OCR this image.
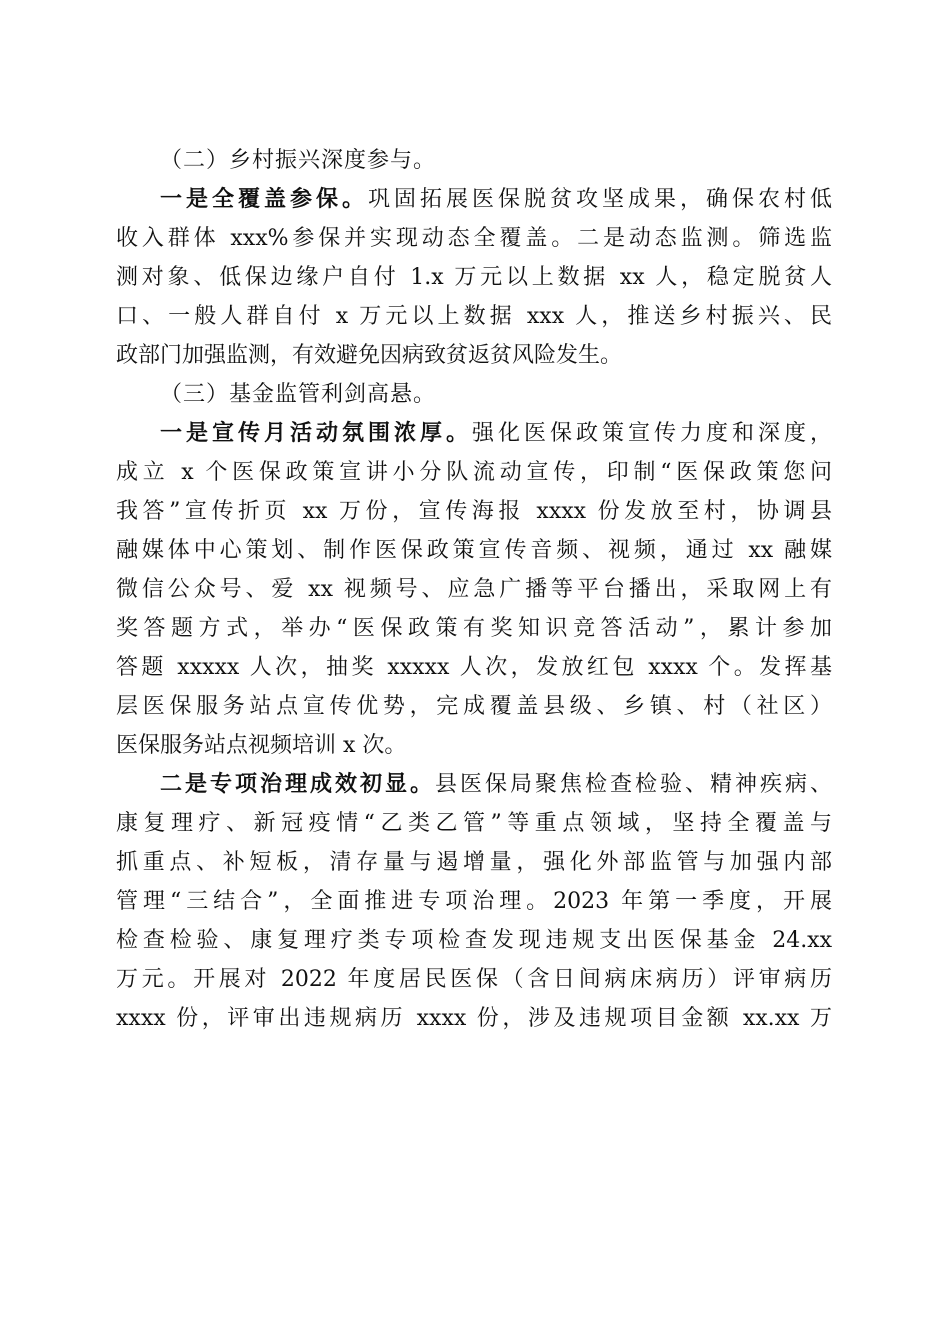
（二）乡村振兴深度参与。
一是全覆盖参保。巩固拓展医保脱贫攻坚成果，确保农村低
收入群体 xxx%参保并实现动态全覆盖。二是动态监测。筛选监
测对象、低保边缘户自付 1.x 万元以上数据 xx 人，稳定脱贫人
口、一般人群自付 x 万元以上数据 xxx 人，推送乡村振兴、民
政部门加强监测，有效避免因病致贫返贫风险发生。
（三）基金监管利剑高悬。
一是宣传月活动氛围浓厚。强化医保政策宣传力度和深度，
成立 x 个医保政策宣讲小分队流动宣传，印制“医保政策您问
我答”宣传折页 xx 万份，宣传海报 xxxx 份发放至村，协调县
融媒体中心策划、制作医保政策宣传音频、视频，通过 xx 融媒
微信公众号、爱 xx 视频号、应急广播等平台播出，采取网上有
奖答题方式，举办“医保政策有奖知识竞答活动”，累计参加
答题 xxxxx 人次，抽奖 xxxxx 人次，发放红包 xxxx 个。发挥基
层医保服务站点宣传优势，完成覆盖县级、乡镇、村（社区）
医保服务站点视频培训 x 次。
二是专项治理成效初显。县医保局聚焦检查检验、精神疾病、
康复理疗、新冠疫情“乙类乙管”等重点领域，坚持全覆盖与
抓重点、补短板，清存量与遏增量，强化外部监管与加强内部
管理“三结合”，全面推进专项治理。2023 年第一季度，开展
检查检验、康复理疗类专项检查发现违规支出医保基金 24.xx
万元。开展对 2022 年度居民医保（含日间病床病历）评审病历
xxxx 份，评审出违规病历 xxxx 份，涉及违规项目金额 xx.xx 万
